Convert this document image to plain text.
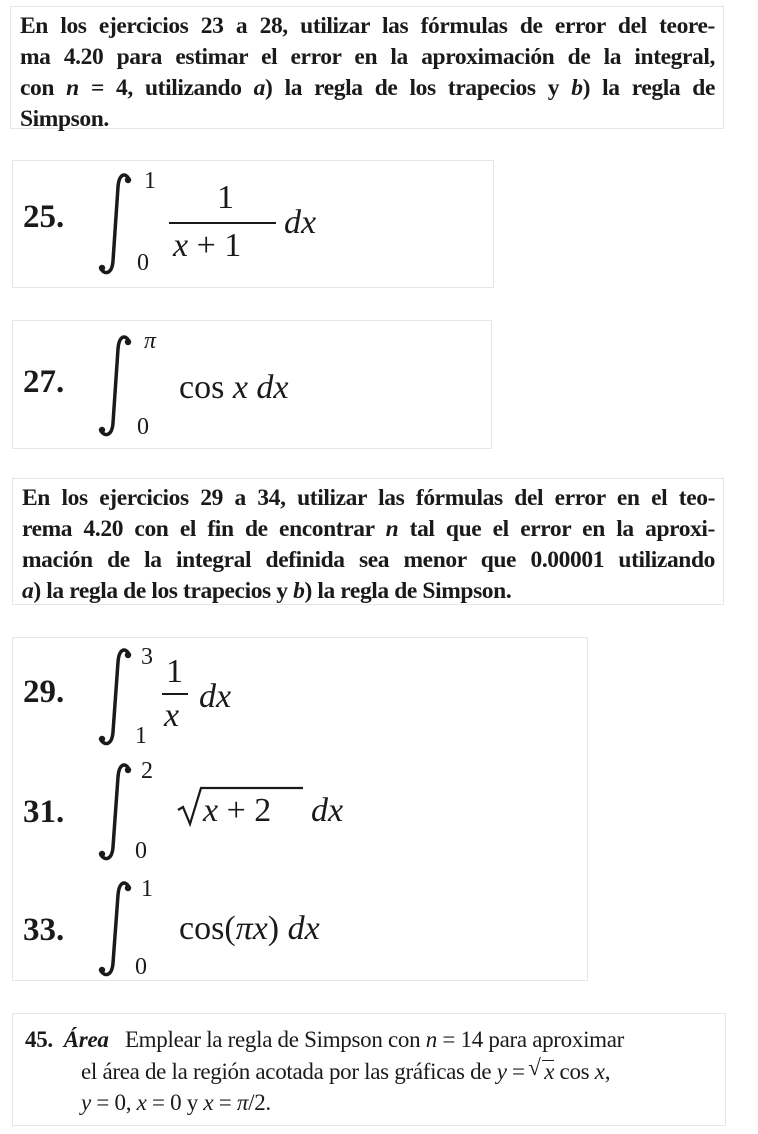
En los ejercicios 23 a 28, utilizar las fórmulas de error del teore-
ma 4.20 para estimar el error en la aproximación de la integral,
con n = 4, utilizando a) la regla de los trapecios y b) la regla de
Simpson.
25.
1
0
1
x + 1
dx
27.
π
0
cos x dx
En los ejercicios 29 a 34, utilizar las fórmulas del error en el teo-
rema 4.20 con el fin de encontrar n tal que el error en la aproxi-
mación de la integral definida sea menor que 0.00001 utilizando
a) la regla de los trapecios y b) la regla de Simpson.
29.
3
1
1
x
dx
31.
2
0
x + 2 dx
33.
1
0
cos(πx) dx
45. Área Emplear la regla de Simpson con n = 14 para aproximar
el área de la región acotada por las gráficas de y =
√ x cos x,
y = 0, x = 0 y x = π/2.
